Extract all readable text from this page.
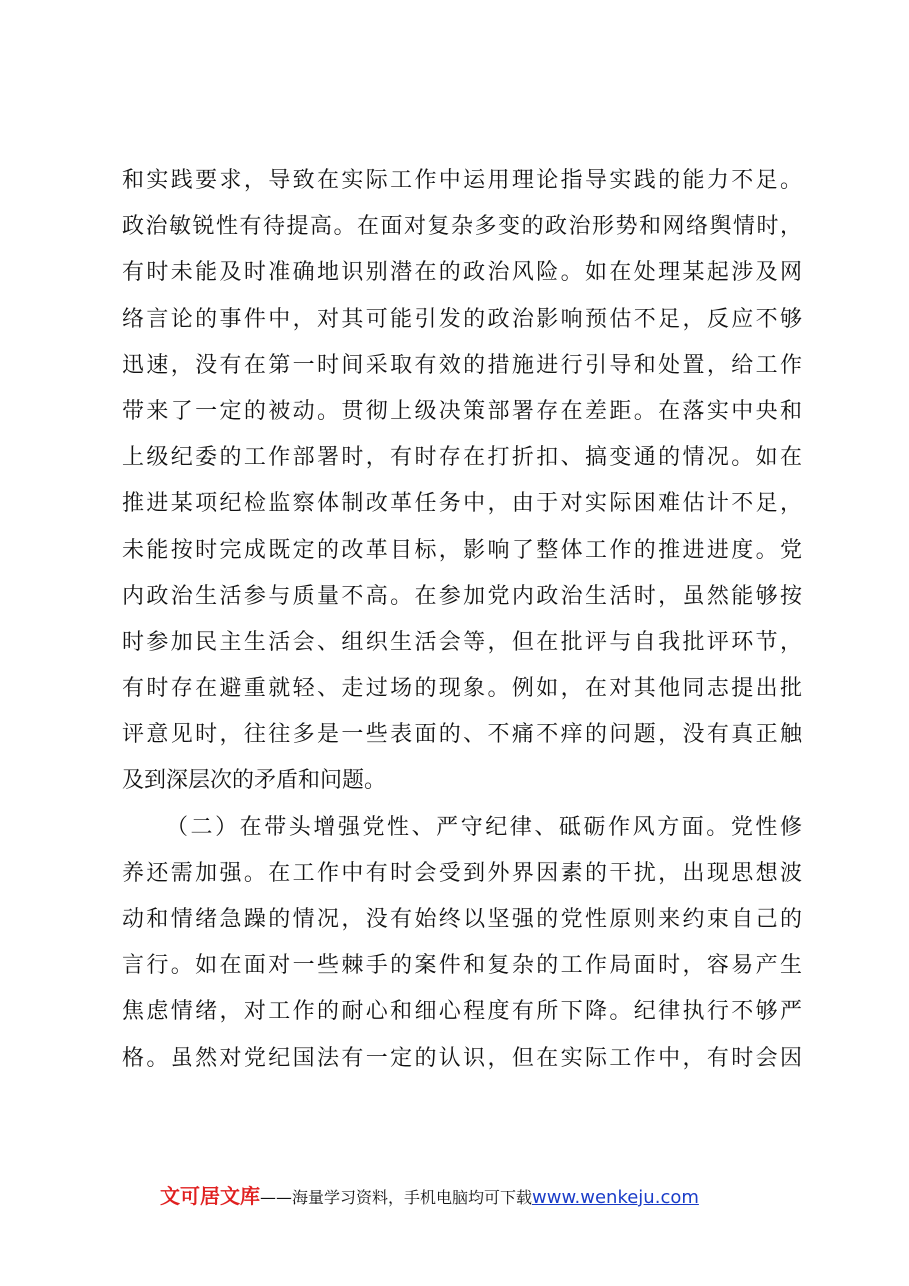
和实践要求，导致在实际工作中运用理论指导实践的能力不足。
政治敏锐性有待提高。在面对复杂多变的政治形势和网络舆情时，
有时未能及时准确地识别潜在的政治风险。如在处理某起涉及网
络言论的事件中，对其可能引发的政治影响预估不足，反应不够
迅速，没有在第一时间采取有效的措施进行引导和处置，给工作
带来了一定的被动。贯彻上级决策部署存在差距。在落实中央和
上级纪委的工作部署时，有时存在打折扣、搞变通的情况。如在
推进某项纪检监察体制改革任务中，由于对实际困难估计不足，
未能按时完成既定的改革目标，影响了整体工作的推进进度。党
内政治生活参与质量不高。在参加党内政治生活时，虽然能够按
时参加民主生活会、组织生活会等，但在批评与自我批评环节，
有时存在避重就轻、走过场的现象。例如，在对其他同志提出批
评意见时，往往多是一些表面的、不痛不痒的问题，没有真正触
及到深层次的矛盾和问题。
（二）在带头增强党性、严守纪律、砥砺作风方面。党性修
养还需加强。在工作中有时会受到外界因素的干扰，出现思想波
动和情绪急躁的情况，没有始终以坚强的党性原则来约束自己的
言行。如在面对一些棘手的案件和复杂的工作局面时，容易产生
焦虑情绪，对工作的耐心和细心程度有所下降。纪律执行不够严
格。虽然对党纪国法有一定的认识，但在实际工作中，有时会因
文可居文库——海量学习资料，手机电脑均可下载www.wenkeju.com
